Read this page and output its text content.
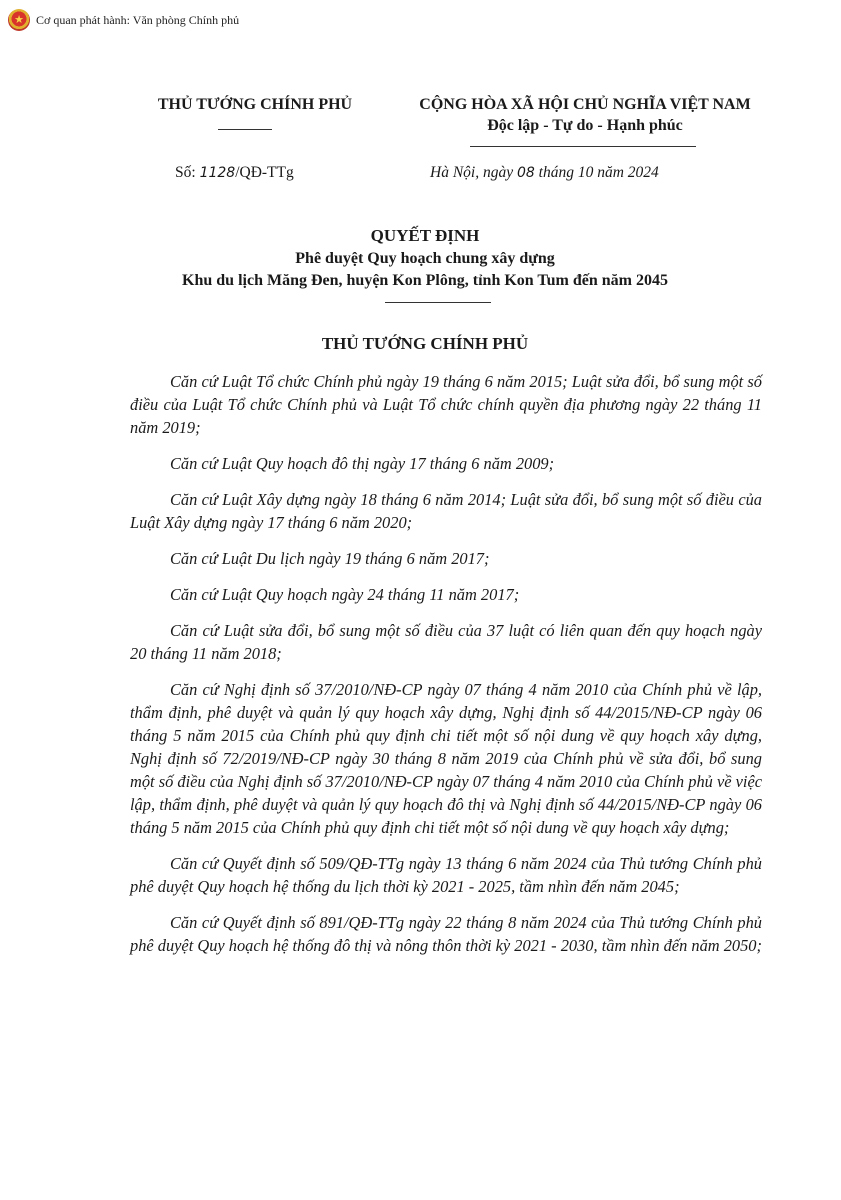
★	Cơ quan phát hành: Văn phòng Chính phủ
THỦ TƯỚNG CHÍNH PHỦ	CỘNG HÒA XÃ HỘI CHỦ NGHĨA VIỆT NAM
Độc lập - Tự do - Hạnh phúc
Số: 1128/QĐ-TTg	Hà Nội, ngày 08 tháng 10 năm 2024
QUYẾT ĐỊNH
Phê duyệt Quy hoạch chung xây dựng
Khu du lịch Măng Đen, huyện Kon Plông, tỉnh Kon Tum đến năm 2045
THỦ TƯỚNG CHÍNH PHỦ

Căn cứ Luật Tổ chức Chính phủ ngày 19 tháng 6 năm 2015; Luật sửa đổi, bổ sung một số điều của Luật Tổ chức Chính phủ và Luật Tổ chức chính quyền địa phương ngày 22 tháng 11 năm 2019;

Căn cứ Luật Quy hoạch đô thị ngày 17 tháng 6 năm 2009;

Căn cứ Luật Xây dựng ngày 18 tháng 6 năm 2014; Luật sửa đổi, bổ sung một số điều của Luật Xây dựng ngày 17 tháng 6 năm 2020;

Căn cứ Luật Du lịch ngày 19 tháng 6 năm 2017;

Căn cứ Luật Quy hoạch ngày 24 tháng 11 năm 2017;

Căn cứ Luật sửa đổi, bổ sung một số điều của 37 luật có liên quan đến quy hoạch ngày 20 tháng 11 năm 2018;

Căn cứ Nghị định số 37/2010/NĐ-CP ngày 07 tháng 4 năm 2010 của Chính phủ về lập, thẩm định, phê duyệt và quản lý quy hoạch xây dựng, Nghị định số 44/2015/NĐ-CP ngày 06 tháng 5 năm 2015 của Chính phủ quy định chi tiết một số nội dung về quy hoạch xây dựng, Nghị định số 72/2019/NĐ-CP ngày 30 tháng 8 năm 2019 của Chính phủ về sửa đổi, bổ sung một số điều của Nghị định số 37/2010/NĐ-CP ngày 07 tháng 4 năm 2010 của Chính phủ về việc lập, thẩm định, phê duyệt và quản lý quy hoạch đô thị và Nghị định số 44/2015/NĐ-CP ngày 06 tháng 5 năm 2015 của Chính phủ quy định chi tiết một số nội dung về quy hoạch xây dựng;

Căn cứ Quyết định số 509/QĐ-TTg ngày 13 tháng 6 năm 2024 của Thủ tướng Chính phủ phê duyệt Quy hoạch hệ thống du lịch thời kỳ 2021 - 2025, tầm nhìn đến năm 2045;

Căn cứ Quyết định số 891/QĐ-TTg ngày 22 tháng 8 năm 2024 của Thủ tướng Chính phủ phê duyệt Quy hoạch hệ thống đô thị và nông thôn thời kỳ 2021 - 2030, tầm nhìn đến năm 2050;
